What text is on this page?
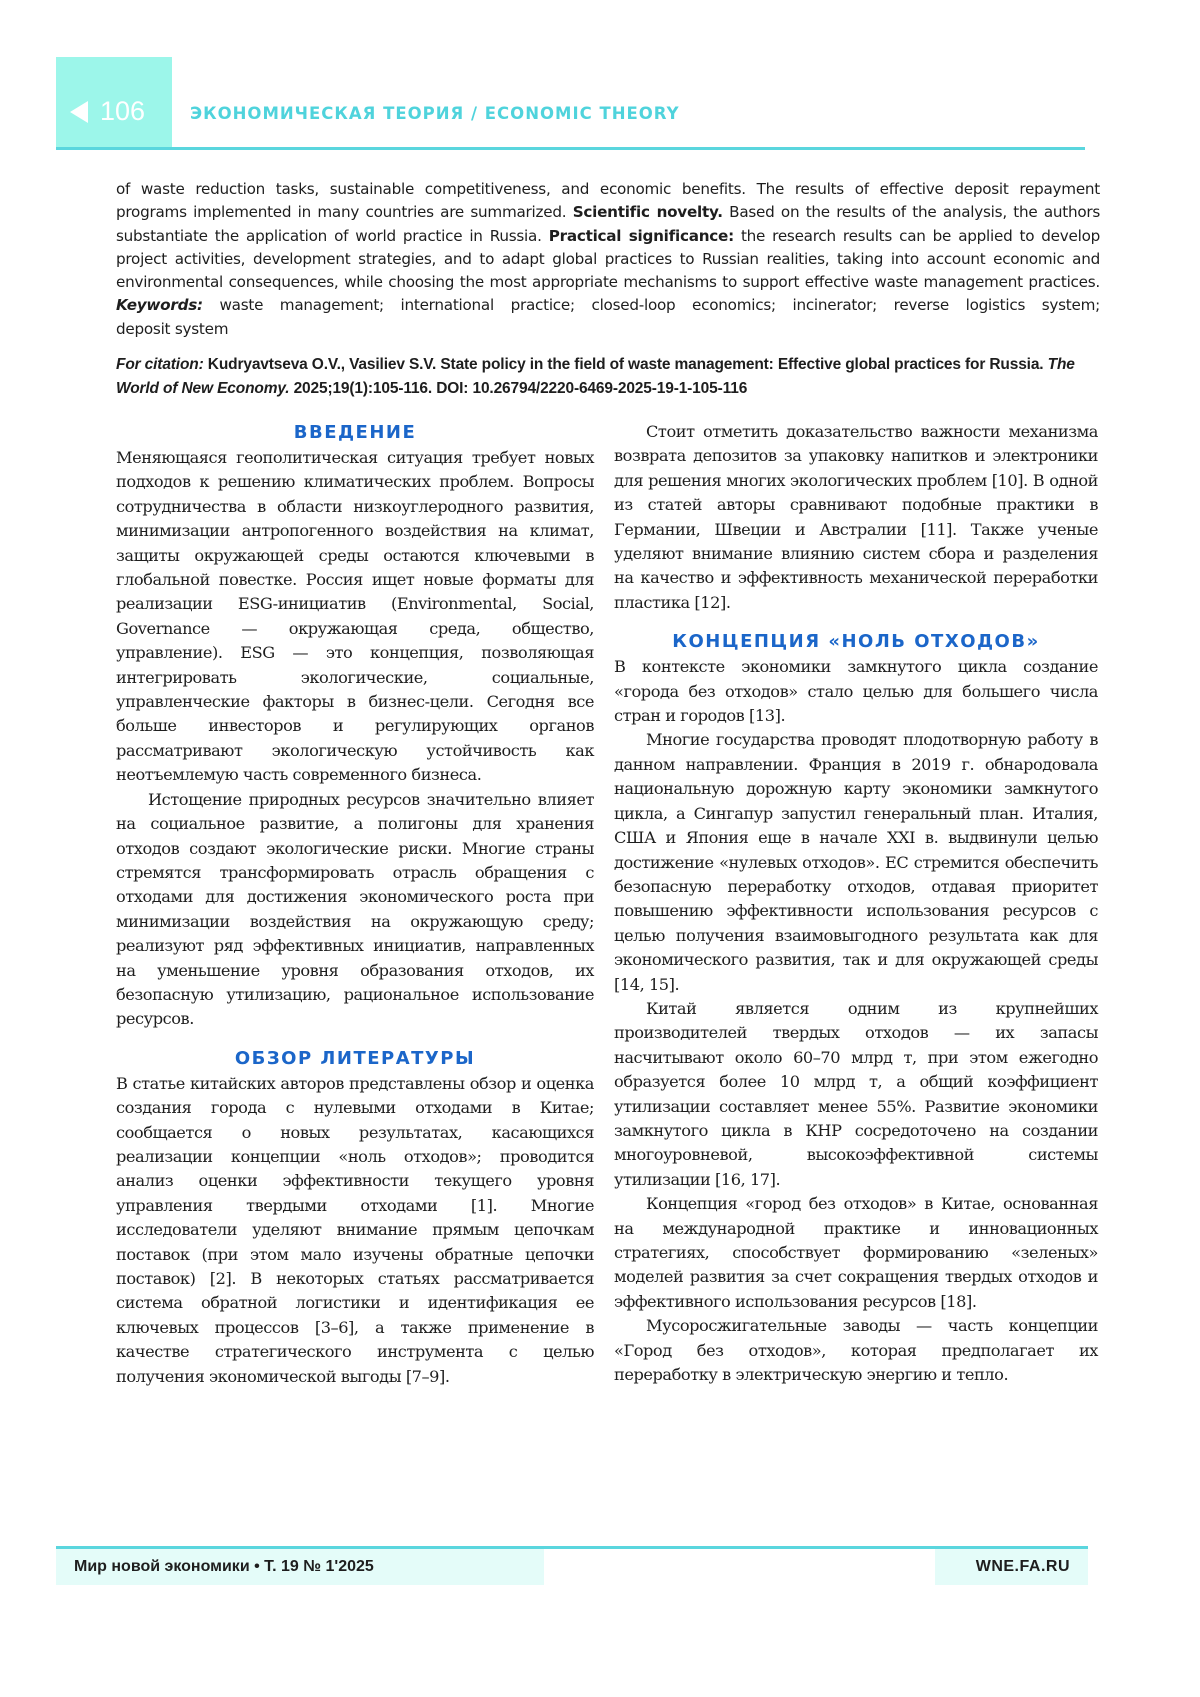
106	ЭКОНОМИЧЕСКАЯ ТЕОРИЯ / ECONOMIC THEORY
of waste reduction tasks, sustainable competitiveness, and economic benefits. The results of effective deposit repayment
programs implemented in many countries are summarized. Scientific novelty. Based on the results of the analysis, the authors
substantiate the application of world practice in Russia. Practical significance: the research results can be applied to develop
project activities, development strategies, and to adapt global practices to Russian realities, taking into account economic and
environmental consequences, while choosing the most appropriate mechanisms to support effective waste management practices.
Keywords: waste management; international practice; closed-loop economics; incinerator; reverse logistics system;
deposit system
For citation: Kudryavtseva O.V., Vasiliev S.V. State policy in the field of waste management: Effective global practices for Russia. The World of New Economy. 2025;19(1):105-116. DOI: 10.26794/2220-6469-2025-19-1-105-116
ВВЕДЕНИЕ

Меняющаяся геополитическая ситуация требует новых подходов к решению климатических проблем. Вопросы сотрудничества в области низкоуглеродного развития, минимизации антропогенного воздействия на климат, защиты окружающей среды остаются ключевыми в глобальной повестке. Россия ищет новые форматы для реализации ESG-инициатив (Environmental, Social, Governance — окружающая среда, общество, управление). ESG — это концепция, позволяющая интегрировать экологические, социальные, управленческие факторы в бизнес-цели. Сегодня все больше инвесторов и регулирующих органов рассматривают экологическую устойчивость как неотъемлемую часть современного бизнеса.

Истощение природных ресурсов значительно влияет на социальное развитие, а полигоны для хранения отходов создают экологические риски. Многие страны стремятся трансформировать отрасль обращения с отходами для достижения экономического роста при минимизации воздействия на окружающую среду; реализуют ряд эффективных инициатив, направленных на уменьшение уровня образования отходов, их безопасную утилизацию, рациональное использование ресурсов.

ОБЗОР ЛИТЕРАТУРЫ

В статье китайских авторов представлены обзор и оценка создания города с нулевыми отходами в Китае; сообщается о новых результатах, касающихся реализации концепции «ноль отходов»; проводится анализ оценки эффективности текущего уровня управления твердыми отходами [1]. Многие исследователи уделяют внимание прямым цепочкам поставок (при этом мало изучены обратные цепочки поставок) [2]. В некоторых статьях рассматривается система обратной логистики и идентификация ее ключевых процессов [3–6], а также применение в качестве стратегического инструмента с целью получения экономической выгоды [7–9].

Стоит отметить доказательство важности механизма возврата депозитов за упаковку напитков и электроники для решения многих экологических проблем [10]. В одной из статей авторы сравнивают подобные практики в Германии, Швеции и Австралии [11]. Также ученые уделяют внимание влиянию систем сбора и разделения на качество и эффективность механической переработки пластика [12].

КОНЦЕПЦИЯ «НОЛЬ ОТХОДОВ»

В контексте экономики замкнутого цикла создание «города без отходов» стало целью для большего числа стран и городов [13].

Многие государства проводят плодотворную работу в данном направлении. Франция в 2019 г. обнародовала национальную дорожную карту экономики замкнутого цикла, а Сингапур запустил генеральный план. Италия, США и Япония еще в начале XXI в. выдвинули целью достижение «нулевых отходов». ЕС стремится обеспечить безопасную переработку отходов, отдавая приоритет повышению эффективности использования ресурсов с целью получения взаимовыгодного результата как для экономического развития, так и для окружающей среды [14, 15].

Китай является одним из крупнейших производителей твердых отходов — их запасы насчитывают около 60–70 млрд т, при этом ежегодно образуется более 10 млрд т, а общий коэффициент утилизации составляет менее 55%. Развитие экономики замкнутого цикла в КНР сосредоточено на создании многоуровневой, высокоэффективной системы утилизации [16, 17].

Концепция «город без отходов» в Китае, основанная на международной практике и инновационных стратегиях, способствует формированию «зеленых» моделей развития за счет сокращения твердых отходов и эффективного использования ресурсов [18].

Мусоросжигательные заводы — часть концепции «Город без отходов», которая предполагает их переработку в электрическую энергию и тепло.

Мир новой экономики • Т. 19 № 1'2025	WNE.FA.RU
